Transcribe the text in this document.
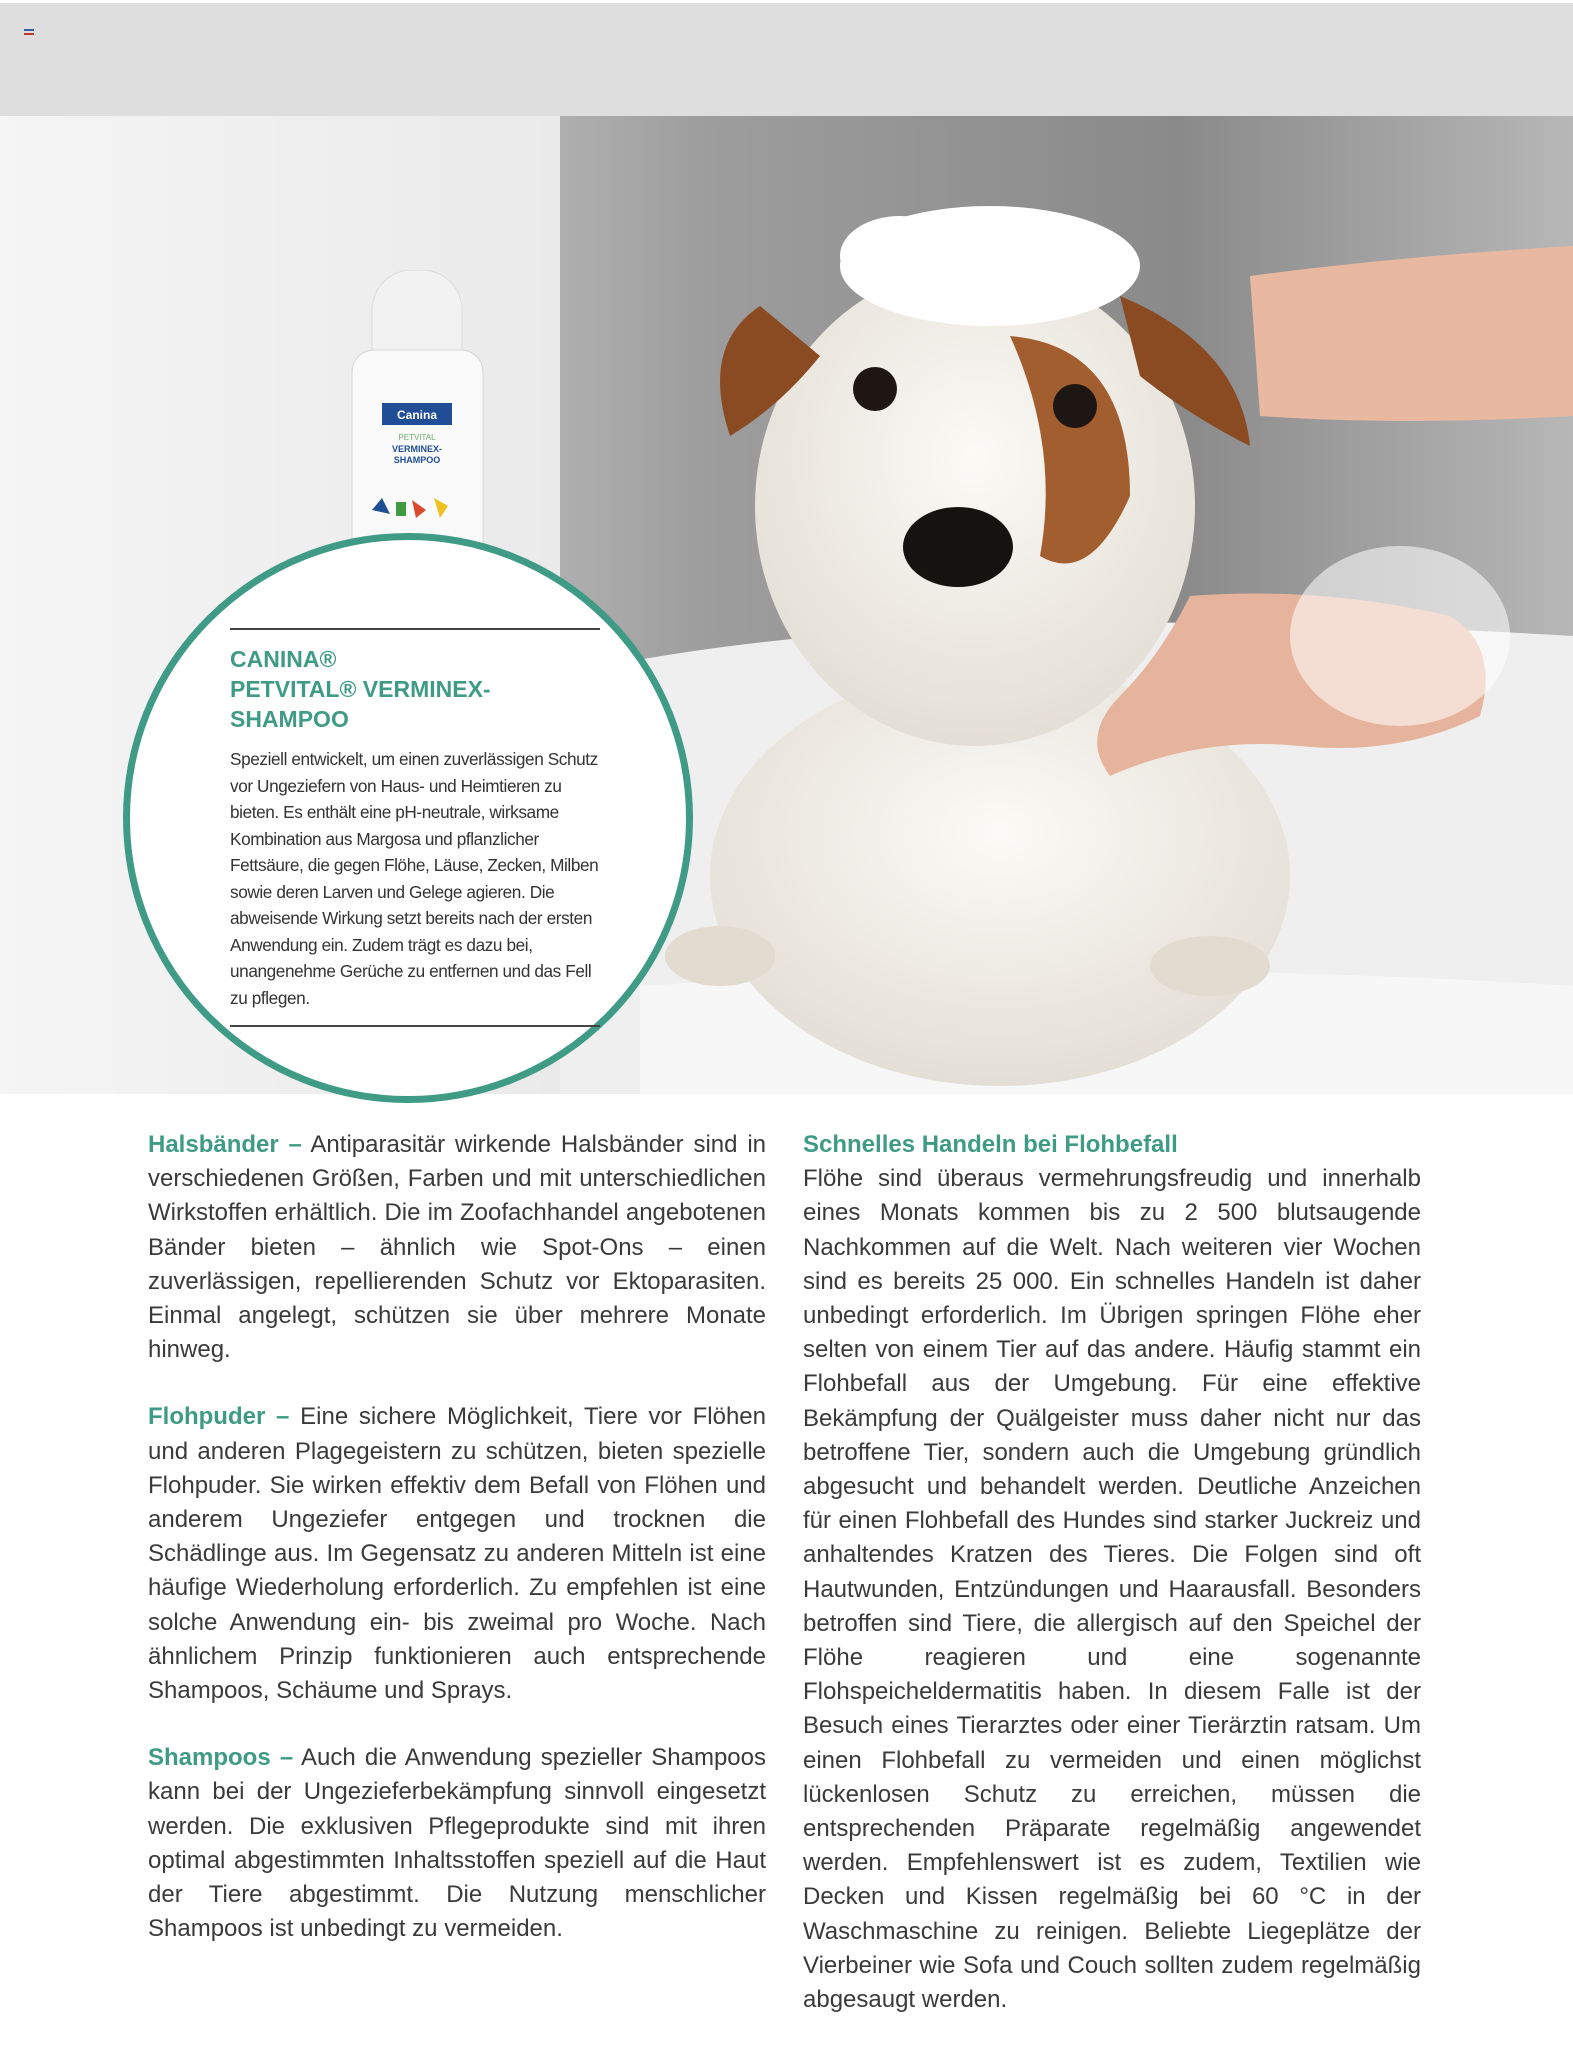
Canina
PETVITAL
VERMINEX-
SHAMPOO
CANINA®
PETVITAL® VERMINEX-SHAMPOO

Speziell entwickelt, um einen zuverlässigen Schutz vor Ungeziefern von Haus- und Heimtieren zu bieten. Es enthält eine pH-neutrale, wirksame Kombination aus Margosa und pflanzlicher Fettsäure, die gegen Flöhe, Läuse, Zecken, Milben sowie deren Larven und Gelege agieren. Die abweisende Wirkung setzt bereits nach der ersten Anwendung ein. Zudem trägt es dazu bei, unangenehme Gerüche zu entfernen und das Fell zu pflegen.

Halsbänder – Antiparasitär wirkende Halsbänder sind in verschiedenen Größen, Farben und mit unterschiedlichen Wirkstoffen erhältlich. Die im Zoofachhandel angebotenen Bänder bieten – ähnlich wie Spot-Ons – einen zuverlässigen, repellierenden Schutz vor Ektoparasiten. Einmal angelegt, schützen sie über mehrere Monate hinweg.

Flohpuder – Eine sichere Möglichkeit, Tiere vor Flöhen und anderen Plagegeistern zu schützen, bieten spezielle Flohpuder. Sie wirken effektiv dem Befall von Flöhen und anderem Ungeziefer entgegen und trocknen die Schädlinge aus. Im Gegensatz zu anderen Mitteln ist eine häufige Wiederholung erforderlich. Zu empfehlen ist eine solche Anwendung ein- bis zweimal pro Woche. Nach ähnlichem Prinzip funktionieren auch entsprechende Shampoos, Schäume und Sprays.

Shampoos – Auch die Anwendung spezieller Shampoos kann bei der Ungezieferbekämpfung sinnvoll eingesetzt werden. Die exklusiven Pflegeprodukte sind mit ihren optimal abgestimmten Inhaltsstoffen speziell auf die Haut der Tiere abgestimmt. Die Nutzung menschlicher Shampoos ist unbedingt zu vermeiden.

Schnelles Handeln bei Flohbefall

Flöhe sind überaus vermehrungsfreudig und innerhalb eines Monats kommen bis zu 2 500 blutsaugende Nachkommen auf die Welt. Nach weiteren vier Wochen sind es bereits 25 000. Ein schnelles Handeln ist daher unbedingt erforderlich. Im Übrigen springen Flöhe eher selten von einem Tier auf das andere. Häufig stammt ein Flohbefall aus der Umgebung. Für eine effektive Bekämpfung der Quälgeister muss daher nicht nur das betroffene Tier, sondern auch die Umgebung gründlich abgesucht und behandelt werden. Deutliche Anzeichen für einen Flohbefall des Hundes sind starker Juckreiz und anhaltendes Kratzen des Tieres. Die Folgen sind oft Hautwunden, Entzündungen und Haarausfall. Besonders betroffen sind Tiere, die allergisch auf den Speichel der Flöhe reagieren und eine sogenannte Flohspeicheldermatitis haben. In diesem Falle ist der Besuch eines Tierarztes oder einer Tierärztin ratsam. Um einen Flohbefall zu vermeiden und einen möglichst lückenlosen Schutz zu erreichen, müssen die entsprechenden Präparate regelmäßig angewendet werden. Empfehlenswert ist es zudem, Textilien wie Decken und Kissen regelmäßig bei 60 °C in der Waschmaschine zu reinigen. Beliebte Liegeplätze der Vierbeiner wie Sofa und Couch sollten zudem regelmäßig abgesaugt werden.
